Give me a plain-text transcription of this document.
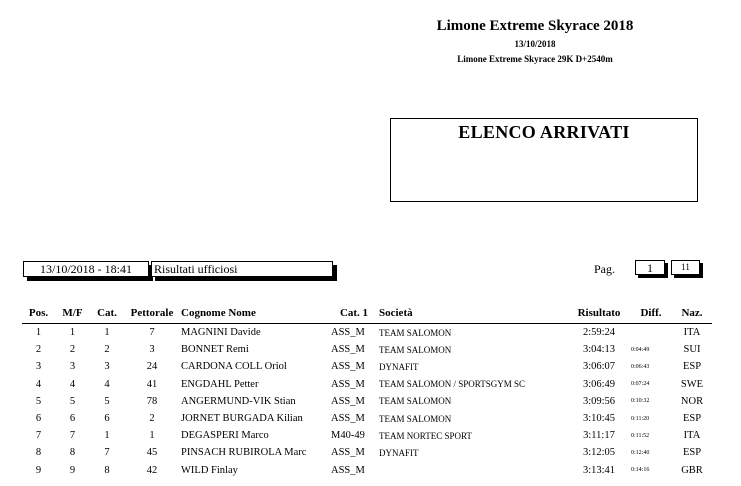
Limone Extreme Skyrace 2018
13/10/2018
Limone Extreme Skyrace 29K D+2540m
ELENCO ARRIVATI
13/10/2018 - 18:41	Risultati ufficiosi	Pag.	1	11
Pos.	M/F	Cat.	Pettorale	Cognome Nome	Cat. 1	Società	Risultato	Diff.	Naz.
1	1	1	7	MAGNINI Davide	ASS_M	TEAM SALOMON	2:59:24		ITA
2	2	2	3	BONNET Remi	ASS_M	TEAM SALOMON	3:04:13	0:04:49	SUI
3	3	3	24	CARDONA COLL Oriol	ASS_M	DYNAFIT	3:06:07	0:06:43	ESP
4	4	4	41	ENGDAHL Petter	ASS_M	TEAM SALOMON / SPORTSGYM SC	3:06:49	0:07:24	SWE
5	5	5	78	ANGERMUND-VIK Stian	ASS_M	TEAM SALOMON	3:09:56	0:10:32	NOR
6	6	6	2	JORNET BURGADA Kilian	ASS_M	TEAM SALOMON	3:10:45	0:11:20	ESP
7	7	1	1	DEGASPERI Marco	M40-49	TEAM NORTEC SPORT	3:11:17	0:11:52	ITA
8	8	7	45	PINSACH RUBIROLA Marc	ASS_M	DYNAFIT	3:12:05	0:12:40	ESP
9	9	8	42	WILD Finlay	ASS_M		3:13:41	0:14:16	GBR
